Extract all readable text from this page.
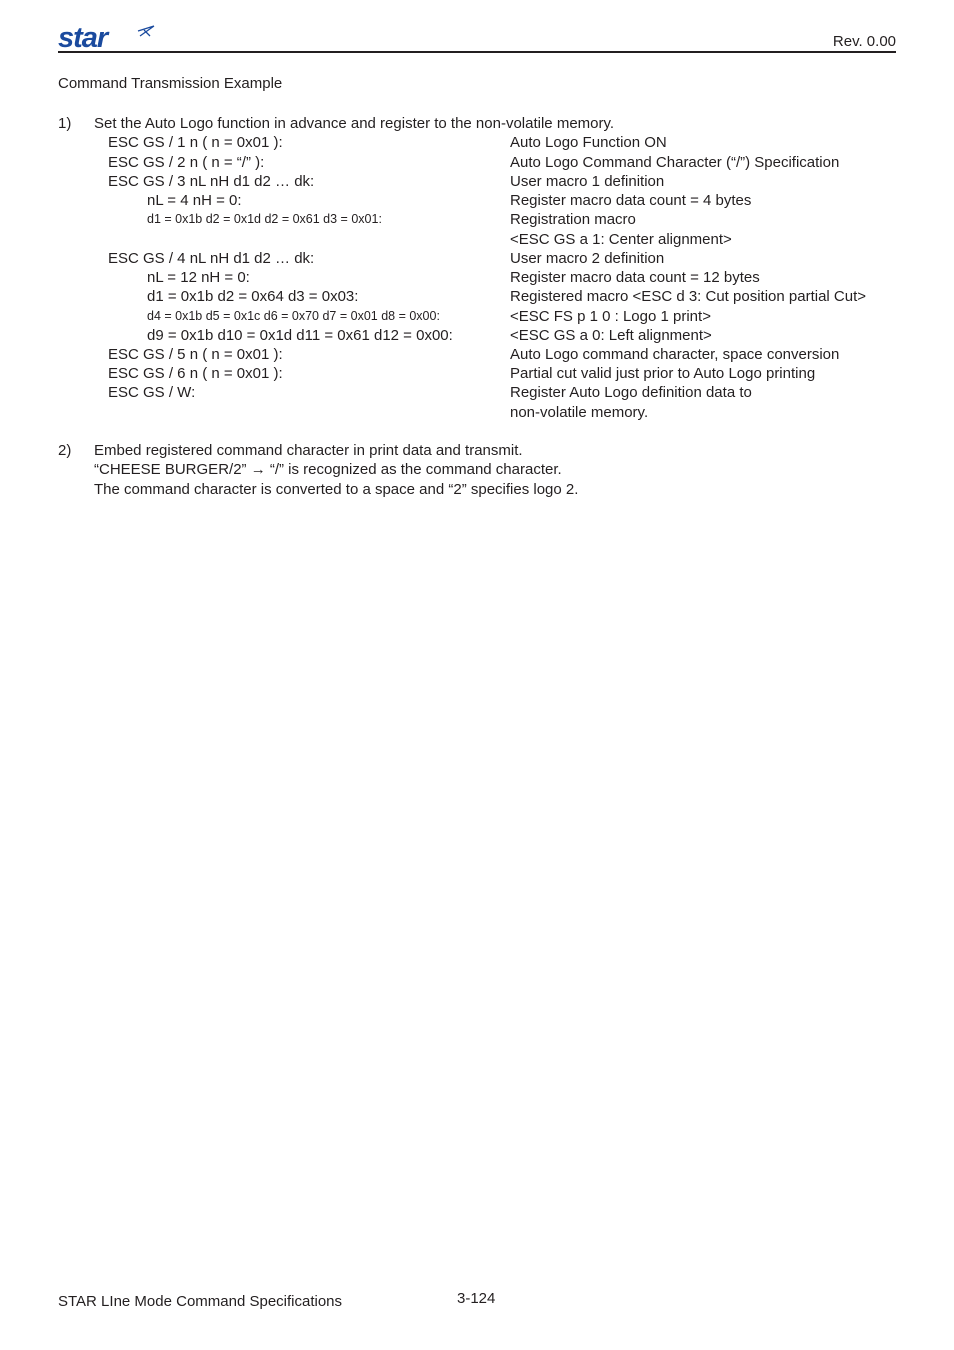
star	Rev. 0.00
Command Transmission Example
1) Set the Auto Logo function in advance and register to the non-volatile memory.
ESC GS / 1 n ( n = 0x01 ):	Auto Logo Function ON
ESC GS / 2 n ( n = “/” ):	Auto Logo Command Character (“/”) Specification
ESC GS / 3 nL nH d1 d2 … dk:	User macro 1 definition
nL = 4 nH = 0:	Register macro data count = 4 bytes
d1 = 0x1b d2 = 0x1d d2 = 0x61 d3 = 0x01:	Registration macro
<ESC GS a 1: Center alignment>
ESC GS / 4 nL nH d1 d2 … dk:	User macro 2 definition
nL = 12 nH = 0:	Register macro data count = 12 bytes
d1 = 0x1b d2 = 0x64 d3 = 0x03:	Registered macro <ESC d 3: Cut position partial Cut>
d4 = 0x1b d5 = 0x1c d6 = 0x70 d7 = 0x01 d8 = 0x00:	<ESC FS p 1 0 : Logo 1 print>
d9 = 0x1b d10 = 0x1d d11 = 0x61 d12 = 0x00:	<ESC GS a 0: Left alignment>
ESC GS / 5 n ( n = 0x01 ):	Auto Logo command character, space conversion
ESC GS / 6 n ( n = 0x01 ):	Partial cut valid just prior to Auto Logo printing
ESC GS / W:	Register Auto Logo definition data to
non-volatile memory.
2) Embed registered command character in print data and transmit.
“CHEESE BURGER/2” → “/” is recognized as the command character.
The command character is converted to a space and “2” specifies logo 2.
STAR LIne Mode Command Specifications	3-124
